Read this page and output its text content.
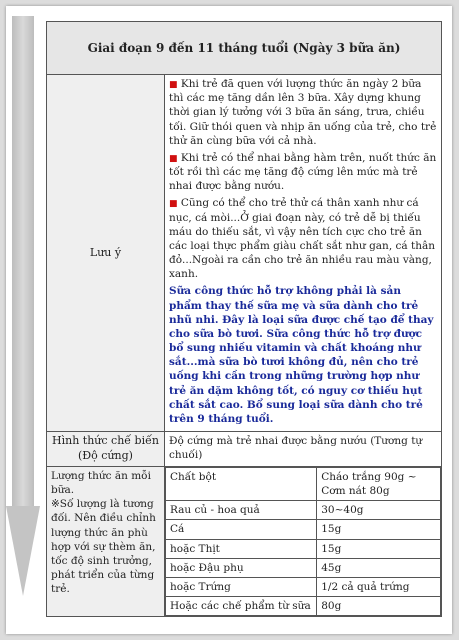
Giai đoạn 9 đến 11 tháng tuổi (Ngày 3 bữa ăn)
Lưu ý	

■ Khi trẻ đã quen với lượng thức ăn ngày 2 bữa thì các mẹ tăng dần lên 3 bữa. Xây dựng khung thời gian lý tưởng với 3 bữa ăn sáng, trưa, chiều tối. Giữ thói quen và nhịp ăn uống của trẻ, cho trẻ thử ăn cùng bữa với cả nhà.

■ Khi trẻ có thể nhai bằng hàm trên, nuốt thức ăn tốt rồi thì các mẹ tăng độ cứng lên mức mà trẻ nhai được bằng nướu.

■ Cũng có thể cho trẻ thử cá thân xanh như cá nục, cá mòi...Ở giai đoạn này, có trẻ dễ bị thiếu máu do thiếu sắt, vì vậy nên tích cực cho trẻ ăn các loại thực phẩm giàu chất sắt như gan, cá thân đỏ...Ngoài ra cần cho trẻ ăn nhiều rau màu vàng, xanh.

Sữa công thức hỗ trợ không phải là sản phẩm thay thế sữa mẹ và sữa dành cho trẻ nhũ nhi. Đây là loại sữa được chế tạo để thay cho sữa bò tươi. Sữa công thức hỗ trợ được bổ sung nhiều vitamin và chất khoáng như sắt...mà sữa bò tươi không đủ, nên cho trẻ uống khi cần trong những trường hợp như trẻ ăn dặm không tốt, có nguy cơ thiếu hụt chất sắt cao. Bổ sung loại sữa dành cho trẻ trên 9 tháng tuổi.

Hình thức chế biến (Độ cứng)	Độ cứng mà trẻ nhai được bằng nướu (Tương tự chuối)

Lượng thức ăn mỗi bữa.
※Số lượng là tương đối. Nên điều chỉnh lượng thức ăn phù hợp với sự thèm ăn, tốc độ sinh trưởng, phát triển của từng trẻ.

Chất bột	Cháo trắng 90g ~ Cơm nát 80g
Rau củ - hoa quả	30~40g
Cá	15g
hoặc Thịt	15g
hoặc Đậu phụ	45g
hoặc Trứng	1/2 cả quả trứng
Hoặc các chế phẩm từ sữa	80g
